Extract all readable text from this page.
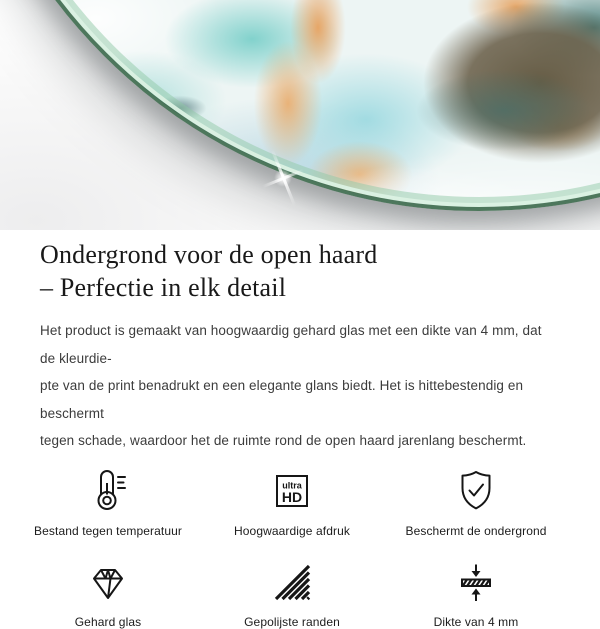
Ondergrond voor de open haard
– Perfectie in elk detail
Het product is gemaakt van hoogwaardig gehard glas met een dikte van 4 mm, dat de kleurdie-
pte van de print benadrukt en een elegante glans biedt. Het is hittebestendig en beschermt
tegen schade, waardoor het de ruimte rond de open haard jarenlang beschermt.
Bestand tegen temperatuur
ultra
HD
Hoogwaardige afdruk	Beschermt de ondergrond
Gehard glas	Gepolijste randen	Dikte van 4 mm
